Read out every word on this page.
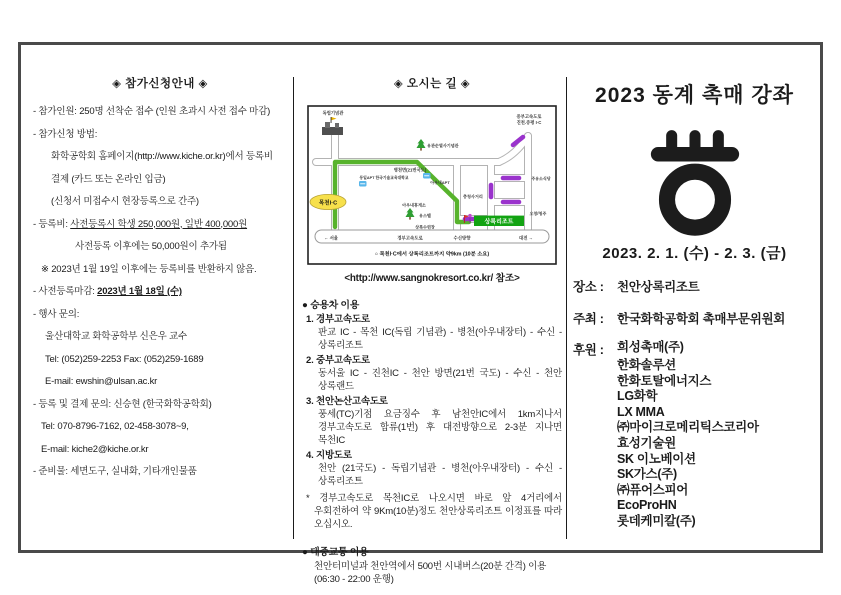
◈ 참가신청안내 ◈

- 참가인원: 250명 선착순 접수 (인원 초과시 사전 접수 마감)

- 참가신청 방법:

화학공학회 홈페이지(http://www.kiche.or.kr)에서 등록비

결제 (카드 또는 온라인 입금)

(신청서 미접수시 현장등록으로 간주)

- 등록비: 사전등록시 학생 250,000원, 일반 400,000원

사전등록 이후에는 50,000원이 추가됨

※ 2023년 1월 19일 이후에는 등록비를 반환하지 않음.

- 사전등록마감: 2023년 1월 18일 (수)

- 행사 문의:

울산대학교 화학공학부 신은우 교수

Tel: (052)259-2253 Fax: (052)259-1689

E-mail: ewshin@ulsan.ac.kr

- 등록 및 결제 문의: 신승현 (한국화학공학회)

Tel: 070-8796-7162, 02-458-3078~9,

E-mail: kiche2@kiche.or.kr

- 준비물: 세면도구, 실내화, 기타개인물품

◈ 오시는 길 ◈
목천I·C
상록리조트
독립기념관
중부고속도로
진천.증평 I·C
유관순열사기념관
병천면(21번국도)
동일APT 한국기술교육대학교
아우내APT
충청사거리
주유소식당
아우내휴게소
유스텔	오창/청주
상록수련장
← 서울	경부고속도로	수신방향	대전 →
○ 목천I·C에서 상록리조트까지 약9km (10분 소요)

<http://www.sangnokresort.co.kr/ 참조>

● 승용차 이용

1. 경부고속도로

판교 IC - 목천 IC(독립 기념관) - 병천(아우내장터) - 수신 - 상록리조트

2. 중부고속도로

동서울 IC - 진천IC - 천안 방면(21번 국도) - 수신 - 천안 상록랜드

3. 천안논산고속도로

풍세(TC)기점 요금징수 후 남천안IC에서 1km지나서 경부고속도로 합류(1번) 후 대전방향으로 2-3분 지나면 목천IC

4. 지방도로

천안 (21국도) - 독립기념관 - 병천(아우내장터) - 수신 - 상록리조트

* 경부고속도로 목천IC로 나오시면 바로 앞 4거리에서 우회전하여 약 9Km(10분)정도 천안상록리조트 이정표를 따라 오십시오.

● 대중교통 이용

천안터미널과 천안역에서 500번 시내버스(20분 간격) 이용

(06:30 - 22:00 운행)

2023 동계 촉매 강좌

2023. 2. 1. (수) - 2. 3. (금)

장소 :	천안상록리조트
주최 :	한국화학공학회 촉매부문위원회
후원 :	희성촉매(주)
한화솔루션
한화토탈에너지스
LG화학
LX MMA
㈜마이크로메리틱스코리아
효성기술원
SK 이노베이션
SK가스(주)
㈜퓨어스피어
EcoProHN
롯데케미칼(주)
